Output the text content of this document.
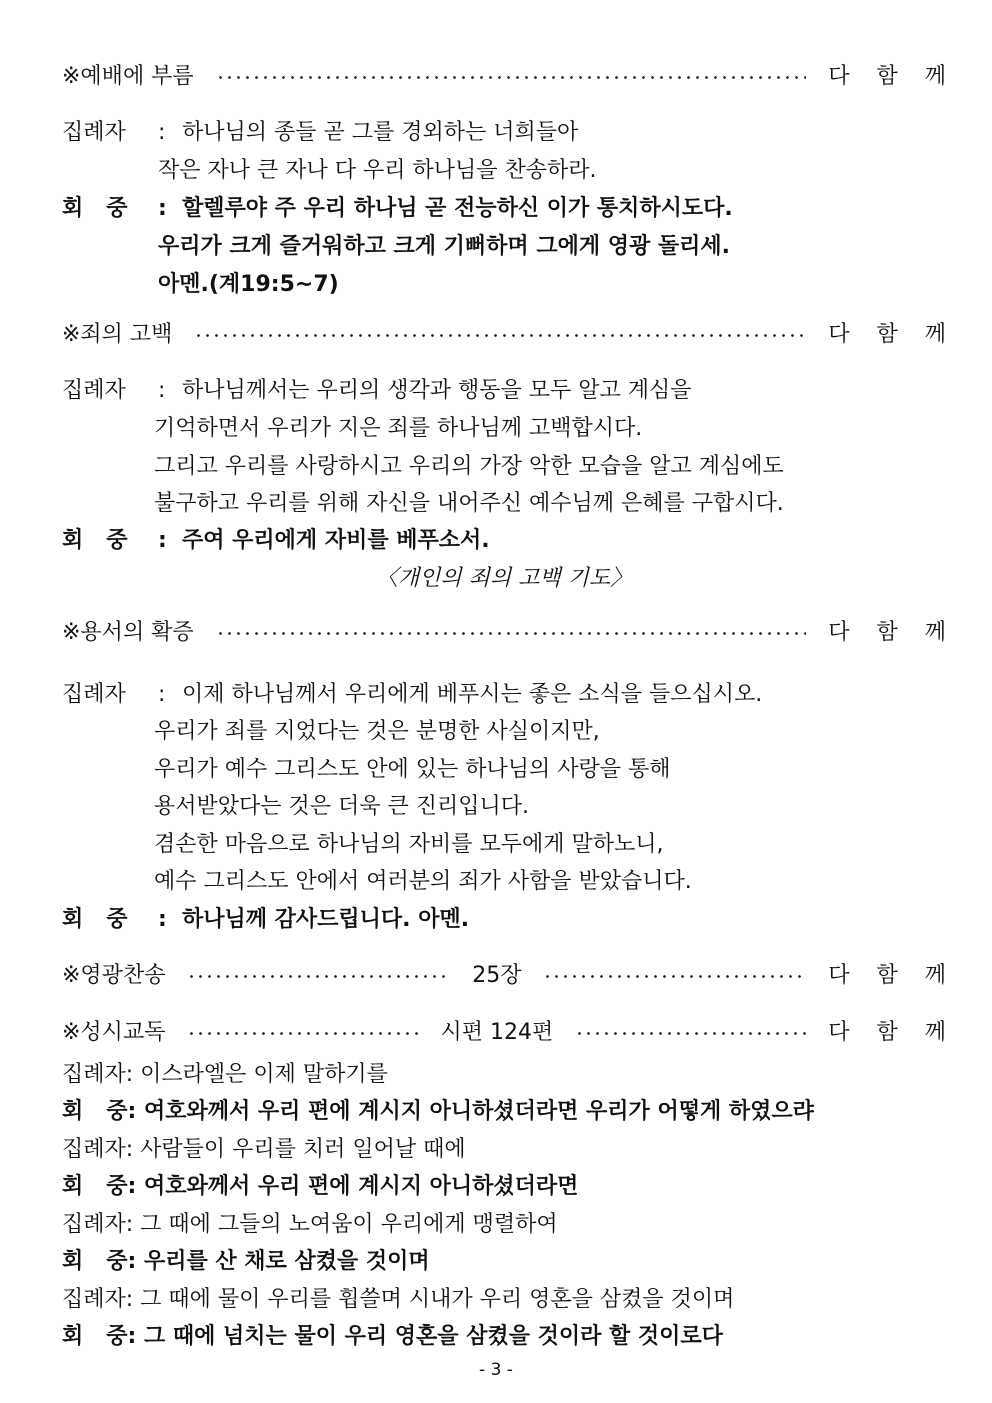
※예배에 부름	다 함 께
집례자 : 하나님의 종들 곧 그를 경외하는 너희들아
작은 자나 큰 자나 다 우리 하나님을 찬송하라.
회   중 : 할렐루야 주 우리 하나님 곧 전능하신 이가 통치하시도다.
우리가 크게 즐거워하고 크게 기뻐하며 그에게 영광 돌리세.
아멘.(계19:5~7)
※죄의 고백	다 함 께
집례자 : 하나님께서는 우리의 생각과 행동을 모두 알고 계심을
기억하면서 우리가 지은 죄를 하나님께 고백합시다.
그리고 우리를 사랑하시고 우리의 가장 악한 모습을 알고 계심에도
불구하고 우리를 위해 자신을 내어주신 예수님께 은혜를 구합시다.
회   중 : 주여 우리에게 자비를 베푸소서.
〈개인의 죄의 고백 기도〉
※용서의 확증	다 함 께
집례자 : 이제 하나님께서 우리에게 베푸시는 좋은 소식을 들으십시오.
우리가 죄를 지었다는 것은 분명한 사실이지만,
우리가 예수 그리스도 안에 있는 하나님의 사랑을 통해
용서받았다는 것은 더욱 큰 진리입니다.
겸손한 마음으로 하나님의 자비를 모두에게 말하노니,
예수 그리스도 안에서 여러분의 죄가 사함을 받았습니다.
회   중 : 하나님께 감사드립니다. 아멘.
※영광찬송	25장	다 함 께
※성시교독	시편 124편	다 함 께
집례자: 이스라엘은 이제 말하기를
회   중: 여호와께서 우리 편에 계시지 아니하셨더라면 우리가 어떻게 하였으랴
집례자: 사람들이 우리를 치러 일어날 때에
회   중: 여호와께서 우리 편에 계시지 아니하셨더라면
집례자: 그 때에 그들의 노여움이 우리에게 맹렬하여
회   중: 우리를 산 채로 삼켰을 것이며
집례자: 그 때에 물이 우리를 휩쓸며 시내가 우리 영혼을 삼켰을 것이며
회   중: 그 때에 넘치는 물이 우리 영혼을 삼켰을 것이라 할 것이로다
- 3 -
